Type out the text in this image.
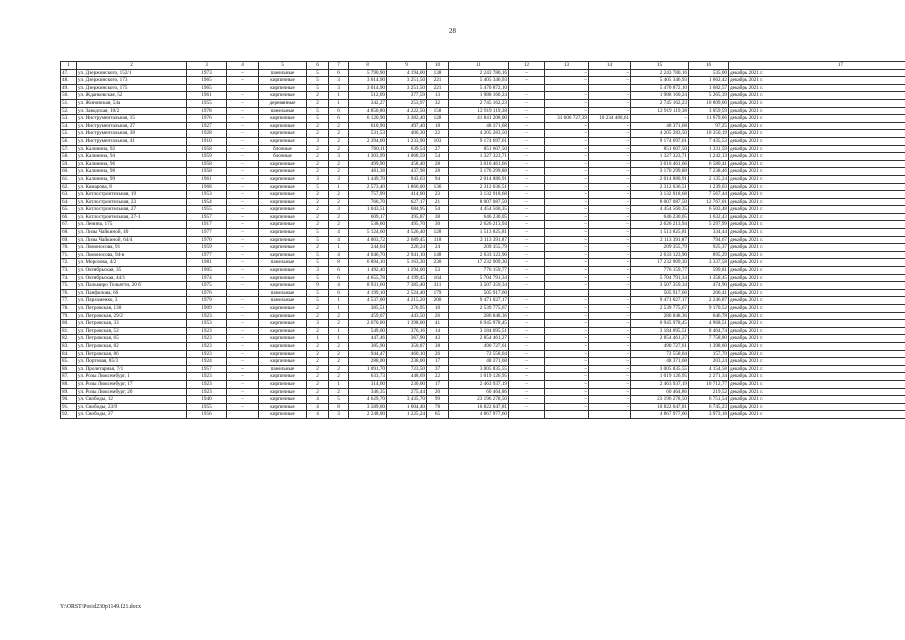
28
1	2	3	4	5	6	7	8	9	10	11	12	13	14	15	16	17
47.	ул. Дзержинского, 152/1	1973	–	панельные	5	6	5 790,90	4 194,00	138	2 243 780,16	–	–	–	2 243 780,16	535,00	декабрь 2021 г.
48.	ул. Дзержинского, 173	1965	–	кирпичные	5	3	3 014,90	3 251,50	221	5 405 346,93	–	–	–	5 405 346,93	1 662,42	декабрь 2021 г.
49.	ул. Дзержинского, 175	1965		кирпичные	5	3	3 014,90	3 251,50	221	5 470 872,10				5 470 872,10	1 682,57	декабрь 2021 г.
50.	ул. Жданковская, 52	1961	–	кирпичные	2	1	512,09	377,59	13	1 988 160,24	–	–	–	1 988 160,24	5 265,39	декабрь 2021 г.
51.	ул. Жиновская, 54а	1955	–	деревянные	2	1	342,27	253,97	32	2 745 162,23	–	–	–	2 745 162,23	10 809,00	декабрь 2021 г.
52.	ул. Заводская, 10/2	1978	–	панельные	5	6	4 850,80	4 222,50	158	12 919 119,38	–	–	–	12 919 119,38	3 059,59	декабрь 2021 г.
53.	ул. Инструментальная, 15	1976	–	кирпичные	5	6	6 120,90	3 382,40	128	41 841 208,00	–	31 606 727,39	10 234 480,61	–	11 679,66	декабрь 2021 г.
54.	ул. Инструментальная, 27	1927	–	кирпичные	2	2	610,90	497,40	18	48 371,68	–	–	–	48 371,68	97,25	декабрь 2021 г.
55.	ул. Инструментальная, 38	1928	–	кирпичные	2	2	531,53	406,30	22	4 205 283,50	–	–	–	4 205 283,50	10 350,19	декабрь 2021 г.
56.	ул. Инструментальная, 41	1910	–	кирпичные	3	2	2 394,60	1 233,90	103	9 174 697,61	–	–	–	9 174 697,61	7 435,53	декабрь 2021 г.
57.	ул. Калинина, 92	1958	–	блочные	2	2	760,11	639,54	27	851 607,50	–	–	–	851 607,50	1 331,59	декабрь 2021 г.
58.	ул. Калинина, 94	1959	–	блочные	2	3	1 303,99	1 068,59	54	1 327 323,71	–	–	–	1 327 323,71	1 242,13	декабрь 2021 г.
59.	ул. Калинина, 96	1958	–	кирпичные	2	2	499,90	458,40	28	3 016 461,66	–	–	–	3 016 461,66	6 580,41	декабрь 2021 г.
60.	ул. Калинина, 98	1958	–	кирпичные	2	2	481,38	437,98	28	3 170 299,88	–	–	–	3 170 299,88	7 238,46	декабрь 2021 г.
61.	ул. Калинина, 99	1961	–	кирпичные	3	3	1 449,70	943,63	94	2 014 880,91	–	–	–	2 014 880,91	2 135,24	декабрь 2021 г.
62.	ул. Комарова, 8	1968	–	кирпичные	5	1	2 573,40	1 866,00	136	2 312 036,51	–	–	–	2 312 036,51	1 239,03	декабрь 2021 г.
63.	ул. Котлостроительная, 19	1953	–	кирпичные	2	2	757,99	414,00	23	3 132 918,68	–	–	–	3 132 918,68	7 567,44	декабрь 2021 г.
64.	ул. Котлостроительная, 23	1954	–	кирпичные	2	2	766,70	627,17	21	8 007 087,50	–	–	–	8 007 087,50	12 767,01	декабрь 2021 г.
65.	ул. Котлостроительная, 27	1955	–	кирпичные	2	3	1 043,51	684,95	54	4 454 560,35	–	–	–	4 454 560,35	6 503,48	декабрь 2021 г.
66.	ул. Котлостроительная, 27-1	1957	–	кирпичные	2	2	609,17	395,87	38	646 230,05	–	–	–	646 230,05	1 632,43	декабрь 2021 г.
67.	ул. Ленина, 175	1917	–	кирпичные	2	2	538,60	495,70	30	2 626 213,94	–	–	–	2 626 213,94	5 297,99	декабрь 2021 г.
68.	ул. Лизы Чайкиной, 40	1977	–	кирпичные	5	4	5 124,60	4 526,40	128	1 513 825,81	–	–	–	1 513 825,81	334,44	декабрь 2021 г.
69.	ул. Лизы Чайкиной, 64/4	1970	–	кирпичные	5	4	4 003,72	2 689,45	118	2 113 391,87	–	–	–	2 113 391,87	794,67	декабрь 2021 г.
70.	ул. Ломоносова, 91	1959	–	кирпичные	2	1	244,04	226,24	24	209 355,79	–	–	–	209 355,79	925,37	декабрь 2021 г.
71.	ул. Ломоносова, 94-в	1977	–	кирпичные	5	4	4 046,70	2 941,10	148	2 633 123,90	–	–	–	2 633 123,90	895,29	декабрь 2021 г.
72.	ул. Морозова, 4/2	1981	–	панельные	5	8	6 894,10	5 163,30	230	17 232 909,30	–	–	–	17 232 909,30	3 337,58	декабрь 2021 г.
73.	ул. Октябрьская, 35	1905	–	кирпичные	3	6	1 492,40	1 294,00	53	776 159,77	–	–	–	776 159,77	599,81	декабрь 2021 г.
74.	ул. Октябрьская, 44/1	1974	–	кирпичные	5	6	4 655,78	4 199,45	164	5 704 791,34	–	–	–	5 704 791,34	1 358,45	декабрь 2021 г.
75.	ул. Пальмиро Тольятти, 20 б	1975	–	кирпичные	9	4	8 931,60	7 385,40	311	3 507 359,34	–	–	–	3 507 359,34	474,90	декабрь 2021 г.
76.	ул. Панфилова, 66	1976		панельные	5	6	4 199,10	2 524,40	179	505 917,60				505 917,60	200,41	декабрь 2021 г.
77.	ул. Пархоменко, 3	1979	–	панельные	5	1	4 537,00	4 215,20	200	9 471 027,17	–	–	–	9 471 027,17	2 246,87	декабрь 2021 г.
78.	ул. Петровская, 130	1909	–	кирпичные	2	1	385,51	276,95	10	2 539 775,67	–	–	–	2 539 775,67	9 170,52	декабрь 2021 г.
79.	ул. Петровская, 29/2	1923	–	кирпичные	2	2	459,07	443,50	26	286 848,36	–	–	–	286 848,36	646,78	декабрь 2021 г.
80.	ул. Петровская, 33	1953	–	кирпичные	3	2	2 070,00	1 398,00	41	6 945 978,45	–	–	–	6 945 978,45	4 968,51	декабрь 2021 г.
81.	ул. Петровская, 52	1923	–	кирпичные	2	1	549,00	376,16	14	3 184 095,51	–	–	–	3 184 095,51	8 464,74	декабрь 2021 г.
82.	ул. Петровская, 65	1923	–	кирпичные	1	1	447,46	367,90	43	2 854 461,27	–	–	–	2 854 461,27	7 758,80	декабрь 2021 г.
83.	ул. Петровская, 82	1923	–	кирпичные	2	2	385,90	350,87	38	490 727,61	–	–	–	490 727,61	1 398,60	декабрь 2021 г.
84.	ул. Петровская, 86	1923	–	кирпичные	2	2	944,47	460,10	26	72 558,04	–	–	–	72 558,04	157,70	декабрь 2021 г.
85.	ул. Портовая, 85/3	1924	–	кирпичные	2	2	288,00	238,00	17	48 371,68	–	–	–	48 371,68	203,24	декабрь 2021 г.
86.	ул. Пролетарная, 7/1	1957	–	панельные	2	2	1 091,70	723,50	37	3 005 835,55	–	–	–	3 005 835,55	4 154,58	декабрь 2021 г.
87.	ул. Розы Люксембург, 1	1923	–	кирпичные	2	2	633,73	448,69	22	1 019 126,95	–	–	–	1 019 126,95	2 271,34	декабрь 2021 г.
88.	ул. Розы Люксембург, 17	1923	–	кирпичные	2	1	314,00	230,00	17	2 463 937,19	–	–	–	2 463 937,19	10 712,77	декабрь 2021 г.
89.	ул. Розы Люксембург, 20	1923	–	кирпичные	2	2	346,35	275,44	20	60 464,86	–	–	–	60 464,86	219,52	декабрь 2021 г.
90.	ул. Свободы, 12	1940	–	кирпичные	4	5	4 629,70	3 435,70	99	23 196 278,50	–	–	–	23 196 278,50	6 751,54	декабрь 2021 г.
91.	ул. Свободы, 23/9	1955	–	кирпичные	4	8	3 589,00	1 604,40	78	10 822 047,81	–	–	–	10 822 047,81	6 745,23	декабрь 2021 г.
92.	ул. Свободы, 27	1956		кирпичные	4	3	2 248,00	1 225,24	65	4 867 977,60				4 867 977,60	3 973,18	декабрь 2021 г.
Y:\ORST\Pos\d230p1149.f21.docx
